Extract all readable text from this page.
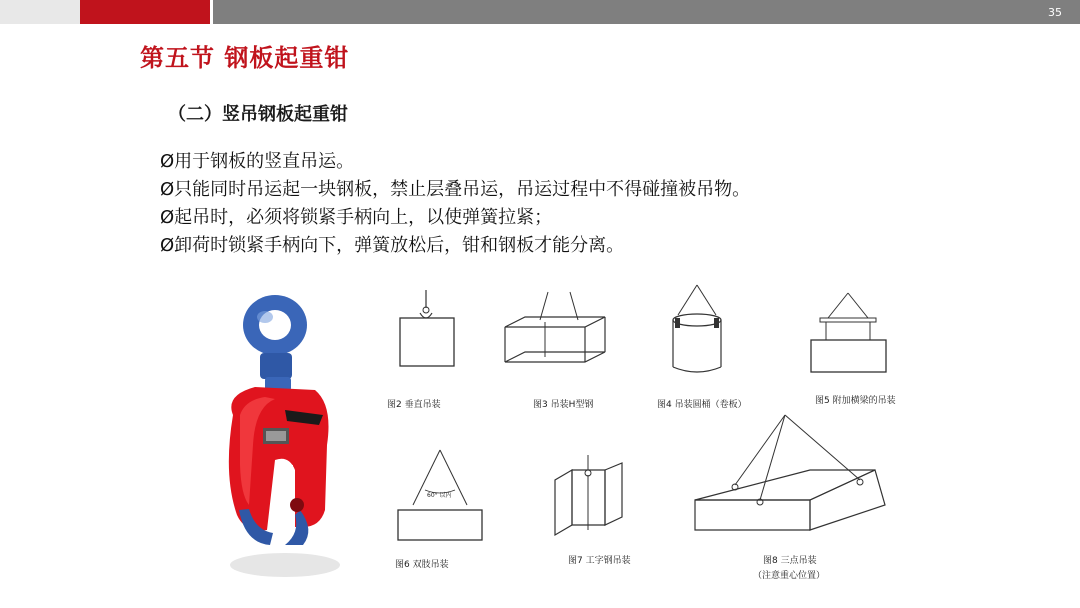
35
第五节 钢板起重钳
（二）竖吊钢板起重钳
Ø用于钢板的竖直吊运。
Ø只能同时吊运起一块钢板，禁止层叠吊运，吊运过程中不得碰撞被吊物。
Ø起吊时，必须将锁紧手柄向上，以使弹簧拉紧；
Ø卸荷时锁紧手柄向下，弹簧放松后，钳和钢板才能分离。
图2 垂直吊装	图3 吊装H型钢	图4 吊装圆桶（卷板）	图5 附加横梁的吊装
60° 以内
图6 双肢吊装	图7 工字钢吊装	图8 三点吊装
（注意重心位置）
